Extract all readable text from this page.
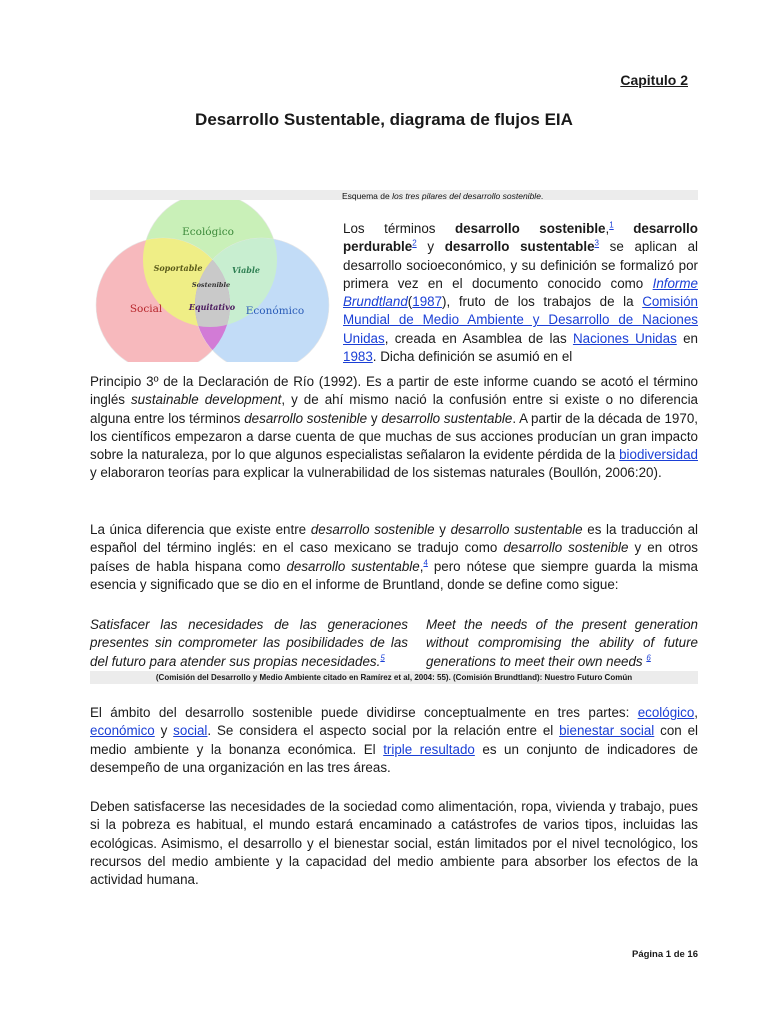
Capitulo 2
Desarrollo Sustentable, diagrama de flujos EIA
Ecológico
Social	Económico
Soportable	Viable
Equitativo
Sostenible
Esquema de los tres pilares del desarrollo sostenible.

Los términos desarrollo sostenible,$^1$ desarrollo perdurable$^2$ y desarrollo sustentable$^3$ se aplican al desarrollo socioeconómico, y su definición se formalizó por primera vez en el documento conocido como Informe Brundtland(1987), fruto de los trabajos de la Comisión Mundial de Medio Ambiente y Desarrollo de Naciones Unidas, creada en Asamblea de las Naciones Unidas en 1983. Dicha definición se asumió en el

Principio 3º de la Declaración de Río (1992). Es a partir de este informe cuando se acotó el término inglés sustainable development, y de ahí mismo nació la confusión entre si existe o no diferencia alguna entre los términos desarrollo sostenible y desarrollo sustentable. A partir de la década de 1970, los científicos empezaron a darse cuenta de que muchas de sus acciones producían un gran impacto sobre la naturaleza, por lo que algunos especialistas señalaron la evidente pérdida de la biodiversidad y elaboraron teorías para explicar la vulnerabilidad de los sistemas naturales (Boullón, 2006:20).

La única diferencia que existe entre desarrollo sostenible y desarrollo sustentable es la traducción al español del término inglés: en el caso mexicano se tradujo como desarrollo sostenible y en otros países de habla hispana como desarrollo sustentable,$^4$ pero nótese que siempre guarda la misma esencia y significado que se dio en el informe de Bruntland, donde se define como sigue:

Satisfacer las necesidades de las generaciones presentes sin comprometer las posibilidades de las del futuro para atender sus propias necesidades.$^5$

Meet the needs of the present generation without compromising the ability of future generations to meet their own needs $^6$

(Comisión del Desarrollo y Medio Ambiente citado en Ramírez et al, 2004: 55). (Comisión Brundtland): Nuestro Futuro Común

El ámbito del desarrollo sostenible puede dividirse conceptualmente en tres partes: ecológico, económico y social. Se considera el aspecto social por la relación entre el bienestar social con el medio ambiente y la bonanza económica. El triple resultado es un conjunto de indicadores de desempeño de una organización en las tres áreas.

Deben satisfacerse las necesidades de la sociedad como alimentación, ropa, vivienda y trabajo, pues si la pobreza es habitual, el mundo estará encaminado a catástrofes de varios tipos, incluidas las ecológicas. Asimismo, el desarrollo y el bienestar social, están limitados por el nivel tecnológico, los recursos del medio ambiente y la capacidad del medio ambiente para absorber los efectos de la actividad humana.

Página 1 de 16
